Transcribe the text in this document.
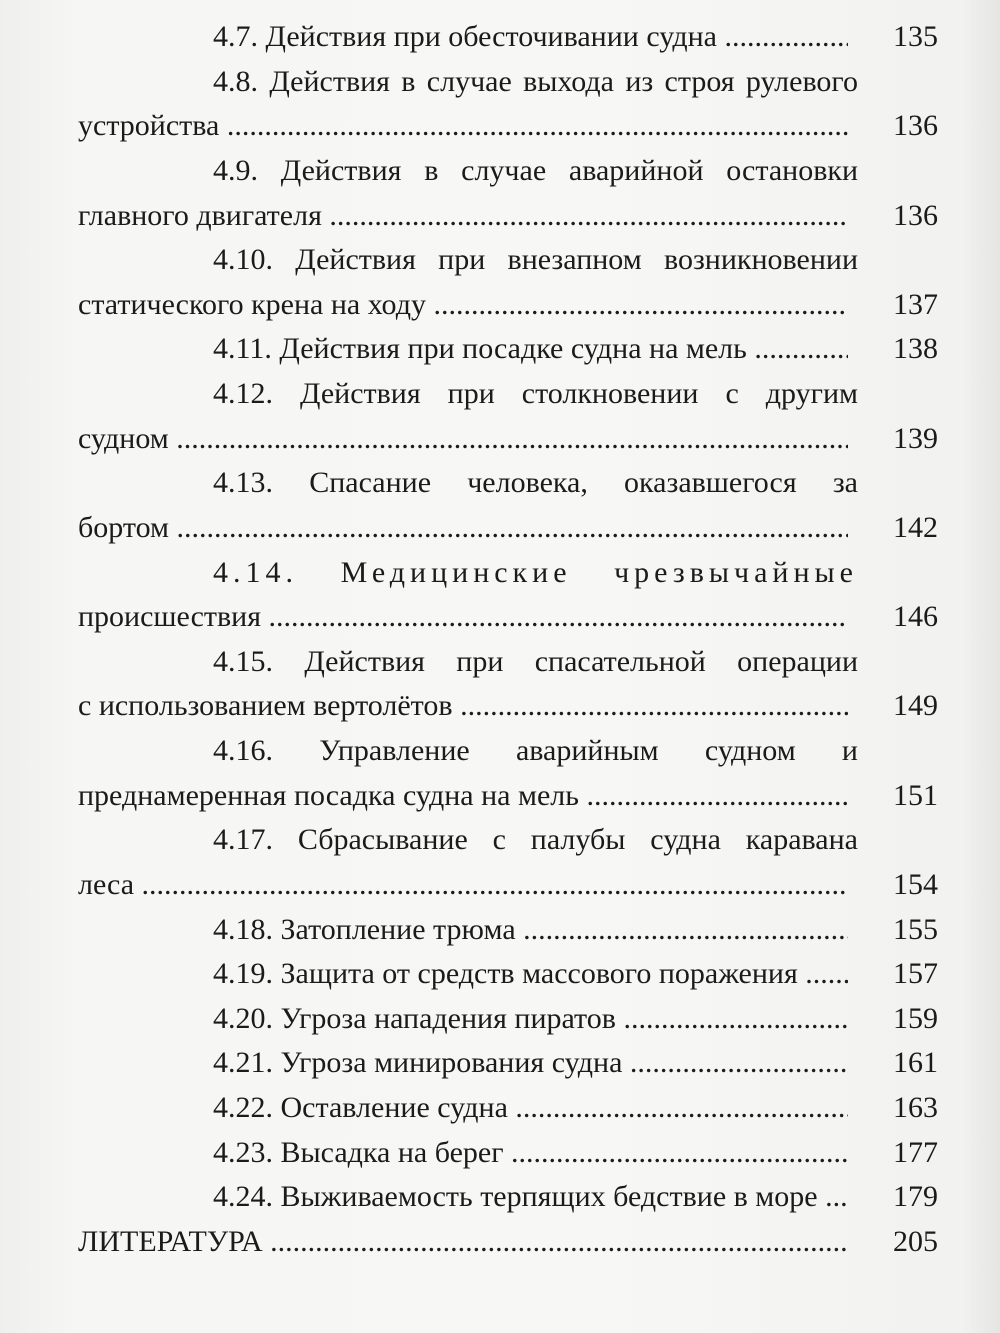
4.7. Действия при обесточивании судна .....	135
4.8. Действия в случае выхода из строя рулевого
устройства .....	136
4.9. Действия в случае аварийной остановки
главного двигателя .....	136
4.10. Действия при внезапном возникновении
статического крена на ходу .....	137
4.11. Действия при посадке судна на мель .....	138
4.12. Действия при столкновении с другим
судном .....	139
4.13. Спасание человека, оказавшегося за
бортом .....	142
4.14. Медицинские чрезвычайные
происшествия .....	146
4.15. Действия при спасательной операции
с использованием вертолётов .....	149
4.16. Управление аварийным судном и
преднамеренная посадка судна на мель .....	151
4.17. Сбрасывание с палубы судна каравана
леса .....	154
4.18. Затопление трюма .....	155
4.19. Защита от средств массового поражения .....	157
4.20. Угроза нападения пиратов .....	159
4.21. Угроза минирования судна .....	161
4.22. Оставление судна .....	163
4.23. Высадка на берег .....	177
4.24. Выживаемость терпящих бедствие в море .....	179
ЛИТЕРАТУРА .....	205
